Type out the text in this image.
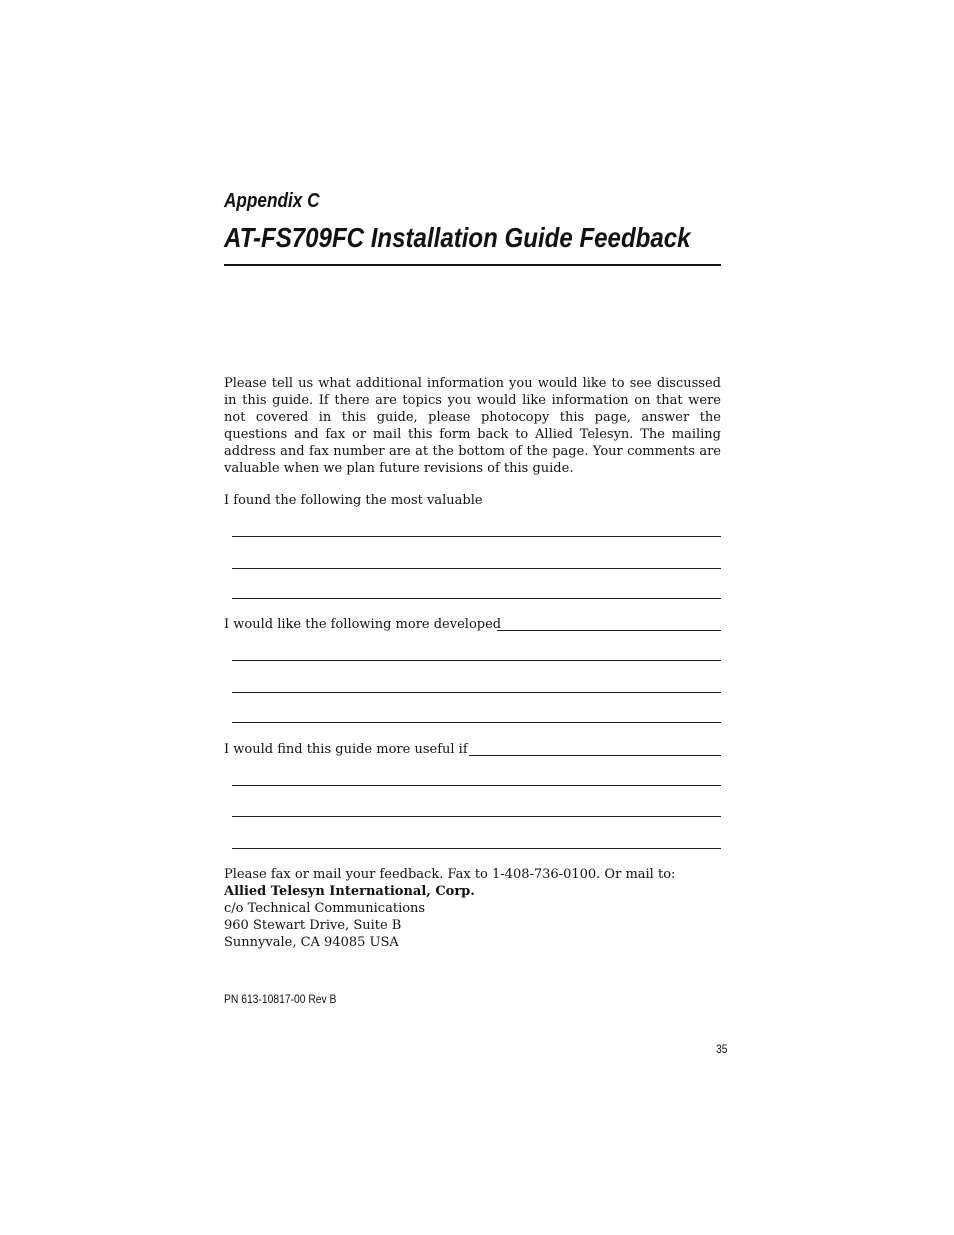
Appendix C
AT-FS709FC Installation Guide Feedback

Please tell us what additional information you would like to see discussed in this guide. If there are topics you would like information on that were not covered in this guide, please photocopy this page, answer the questions and fax or mail this form back to Allied Telesyn. The mailing address and fax number are at the bottom of the page. Your comments are valuable when we plan future revisions of this guide.

I found the following the most valuable
I would like the following more developed
I would find this guide more useful if
Please fax or mail your feedback. Fax to 1-408-736-0100. Or mail to:
Allied Telesyn International, Corp.
c/o Technical Communications
960 Stewart Drive, Suite B
Sunnyvale, CA 94085 USA
PN 613-10817-00 Rev B
35
